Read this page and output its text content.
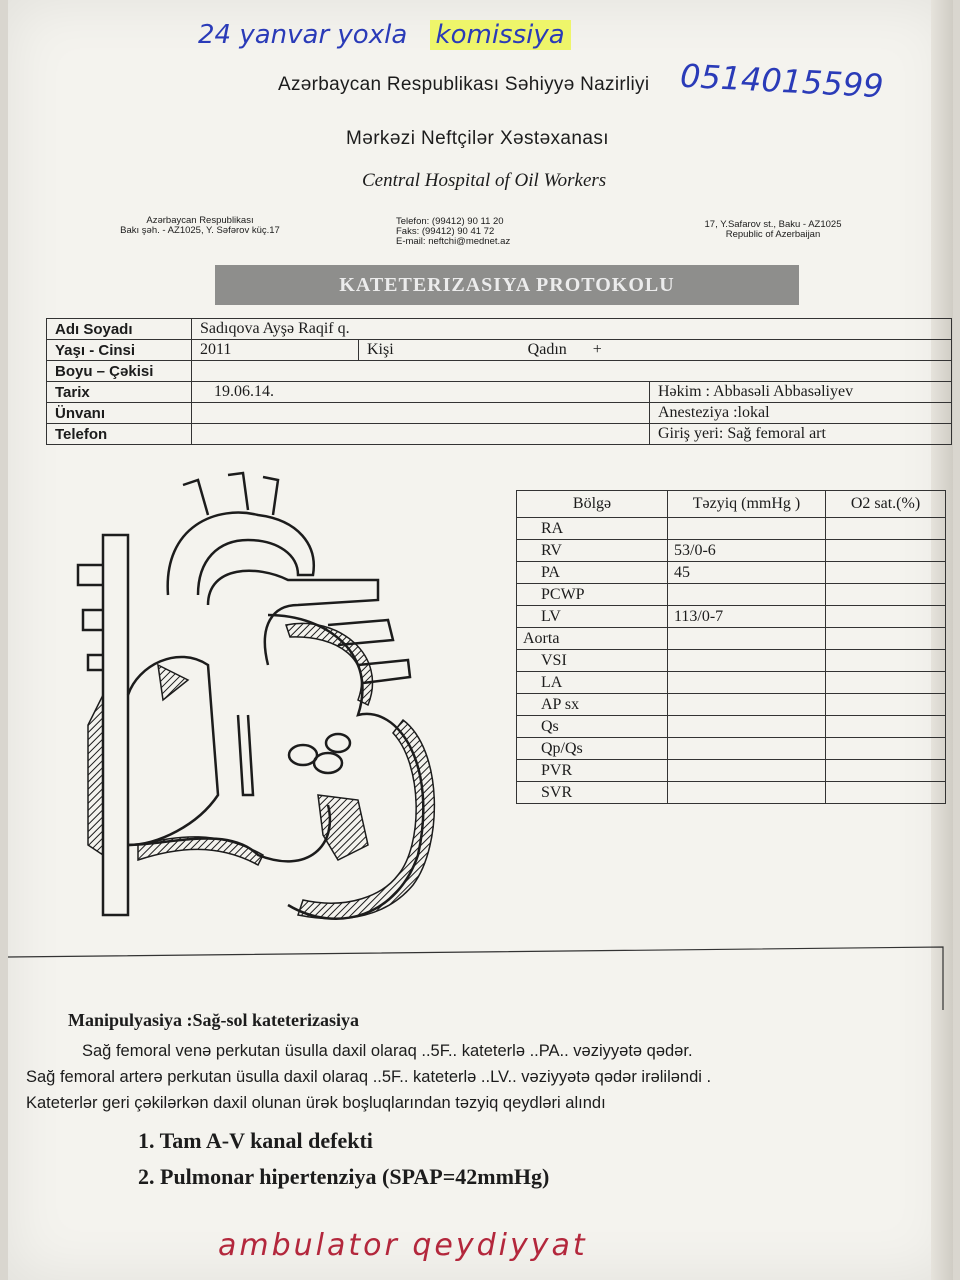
24 yanvar yoxla komissiya
0514015599
Azərbaycan Respublikası Səhiyyə Nazirliyi
Mərkəzi Neftçilər Xəstəxanası
Central Hospital of Oil Workers
Azərbaycan Respublikası
Bakı şəh. - AZ1025, Y. Səfərov küç.17
Telefon: (99412) 90 11 20
Faks: (99412) 90 41 72
E-mail: neftchi@mednet.az
17, Y.Safarov st., Baku - AZ1025
Republic of Azerbaijan
KATETERIZASIYA PROTOKOLU
Adı Soyadı	Sadıqova Ayşə Raqif q.		
Yaşı - Cinsi	2011	Kişi Qadın +	
Boyu – Çəkisi			
Tarix	19.06.14.		Həkim : Abbasəli Abbasəliyev
Ünvanı			Anesteziya :lokal
Telefon			Giriş yeri: Sağ femoral art
Bölgə	Təzyiq (mmHg )	O2 sat.(%)
RA		
RV	53/0-6	
PA	45	
PCWP		
LV	113/0-7	
Aorta		
VSI		
LA		
AP sx		
Qs		
Qp/Qs		
PVR		
SVR		
Manipulyasiya :Sağ-sol kateterizasiya
Sağ femoral venə perkutan üsulla daxil olaraq ..5F.. kateterlə ..PA.. vəziyyətə qədər.
Sağ femoral arterə perkutan üsulla daxil olaraq ..5F.. kateterlə ..LV.. vəziyyətə qədər irəliləndi .
Kateterlər geri çəkilərkən daxil olunan ürək boşluqlarından təzyiq qeydləri alındı
1. Tam A-V kanal defekti
2. Pulmonar hipertenziya (SPAP=42mmHg)
ambulator qeydiyyat
